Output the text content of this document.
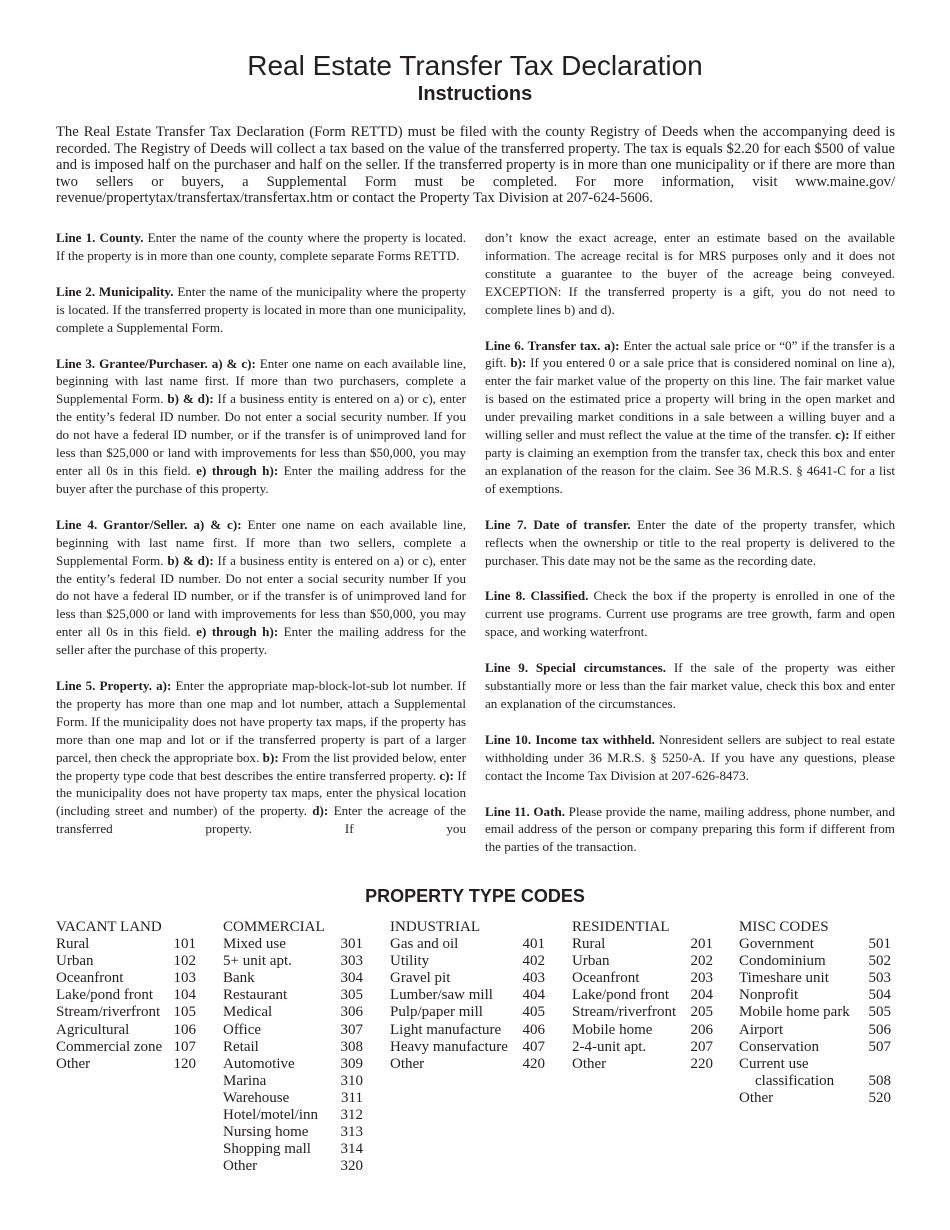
Real Estate Transfer Tax Declaration
Instructions
The Real Estate Transfer Tax Declaration (Form RETTD) must be filed with the county Registry of Deeds when the accompanying deed is recorded. The Registry of Deeds will collect a tax based on the value of the transferred property. The tax is equals $2.20 for each $500 of value and is imposed half on the purchaser and half on the seller. If the transferred property is in more than one municipality or if there are more than two sellers or buyers, a Supplemental Form must be completed. For more information, visit www.maine.gov/ revenue/propertytax/transfertax/transfertax.htm or contact the Property Tax Division at 207-624-5606.

Line 1. County. Enter the name of the county where the property is located. If the property is in more than one county, complete separate Forms RETTD.

Line 2. Municipality. Enter the name of the municipality where the property is located. If the transferred property is located in more than one municipality, complete a Supplemental Form.

Line 3. Grantee/Purchaser. a) & c): Enter one name on each available line, beginning with last name first. If more than two purchasers, complete a Supplemental Form. b) & d): If a business entity is entered on a) or c), enter the entity’s federal ID number. Do not enter a social security number. If you do not have a federal ID number, or if the transfer is of unimproved land for less than $25,000 or land with improvements for less than $50,000, you may enter all 0s in this field. e) through h): Enter the mailing address for the buyer after the purchase of this property.

Line 4. Grantor/Seller. a) & c): Enter one name on each available line, beginning with last name first. If more than two sellers, complete a Supplemental Form. b) & d): If a business entity is entered on a) or c), enter the entity’s federal ID number. Do not enter a social security number If you do not have a federal ID number, or if the transfer is of unimproved land for less than $25,000 or land with improvements for less than $50,000, you may enter all 0s in this field. e) through h): Enter the mailing address for the seller after the purchase of this property.

Line 5. Property. a): Enter the appropriate map-block-lot-sub lot number. If the property has more than one map and lot number, attach a Supplemental Form. If the municipality does not have property tax maps, if the property has more than one map and lot or if the transferred property is part of a larger parcel, then check the appropriate box. b): From the list provided below, enter the property type code that best describes the entire transferred property. c): If the municipality does not have property tax maps, enter the physical location (including street and number) of the property. d): Enter the acreage of the transferred property. If you

don’t know the exact acreage, enter an estimate based on the available information. The acreage recital is for MRS purposes only and it does not constitute a guarantee to the buyer of the acreage being conveyed. EXCEPTION: If the transferred property is a gift, you do not need to complete lines b) and d).

Line 6. Transfer tax. a): Enter the actual sale price or “0” if the transfer is a gift. b): If you entered 0 or a sale price that is considered nominal on line a), enter the fair market value of the property on this line. The fair market value is based on the estimated price a property will bring in the open market and under prevailing market conditions in a sale between a willing buyer and a willing seller and must reflect the value at the time of the transfer. c): If either party is claiming an exemption from the transfer tax, check this box and enter an explanation of the reason for the claim. See 36 M.R.S. § 4641-C for a list of exemptions.

Line 7. Date of transfer. Enter the date of the property transfer, which reflects when the ownership or title to the real property is delivered to the purchaser. This date may not be the same as the recording date.

Line 8. Classified. Check the box if the property is enrolled in one of the current use programs. Current use programs are tree growth, farm and open space, and working waterfront.

Line 9. Special circumstances. If the sale of the property was either substantially more or less than the fair market value, check this box and enter an explanation of the circumstances.

Line 10. Income tax withheld. Nonresident sellers are subject to real estate withholding under 36 M.R.S. § 5250-A. If you have any questions, please contact the Income Tax Division at 207-626-8473.

Line 11. Oath. Please provide the name, mailing address, phone number, and email address of the person or company preparing this form if different from the parties of the transaction.

PROPERTY TYPE CODES
VACANT LAND
Rural	101
Urban	102
Oceanfront	103
Lake/pond front 104
Stream/riverfront 105
Agricultural	106
Commercial zone 107
Other	120
COMMERCIAL
Mixed use	301
5+ unit apt.	303
Bank	304
Restaurant	305
Medical	306
Office	307
Retail	308
Automotive	309
Marina	310
Warehouse	311
Hotel/motel/inn 312
Nursing home 313
Shopping mall 314
Other	320
INDUSTRIAL
Gas and oil	401
Utility	402
Gravel pit	403
Lumber/saw mill 404
Pulp/paper mill	405
Light manufacture 406
Heavy manufacture 407
Other	420
RESIDENTIAL
Rural	201
Urban	202
Oceanfront	203
Lake/pond front 204
Stream/riverfront 205
Mobile home	206
2-4-unit apt.	207
Other	220
MISC CODES
Government	501
Condominium	502
Timeshare unit	503
Nonprofit	504
Mobile home park 505
Airport	506
Conservation	507
Current use
classification 508
Other	520
